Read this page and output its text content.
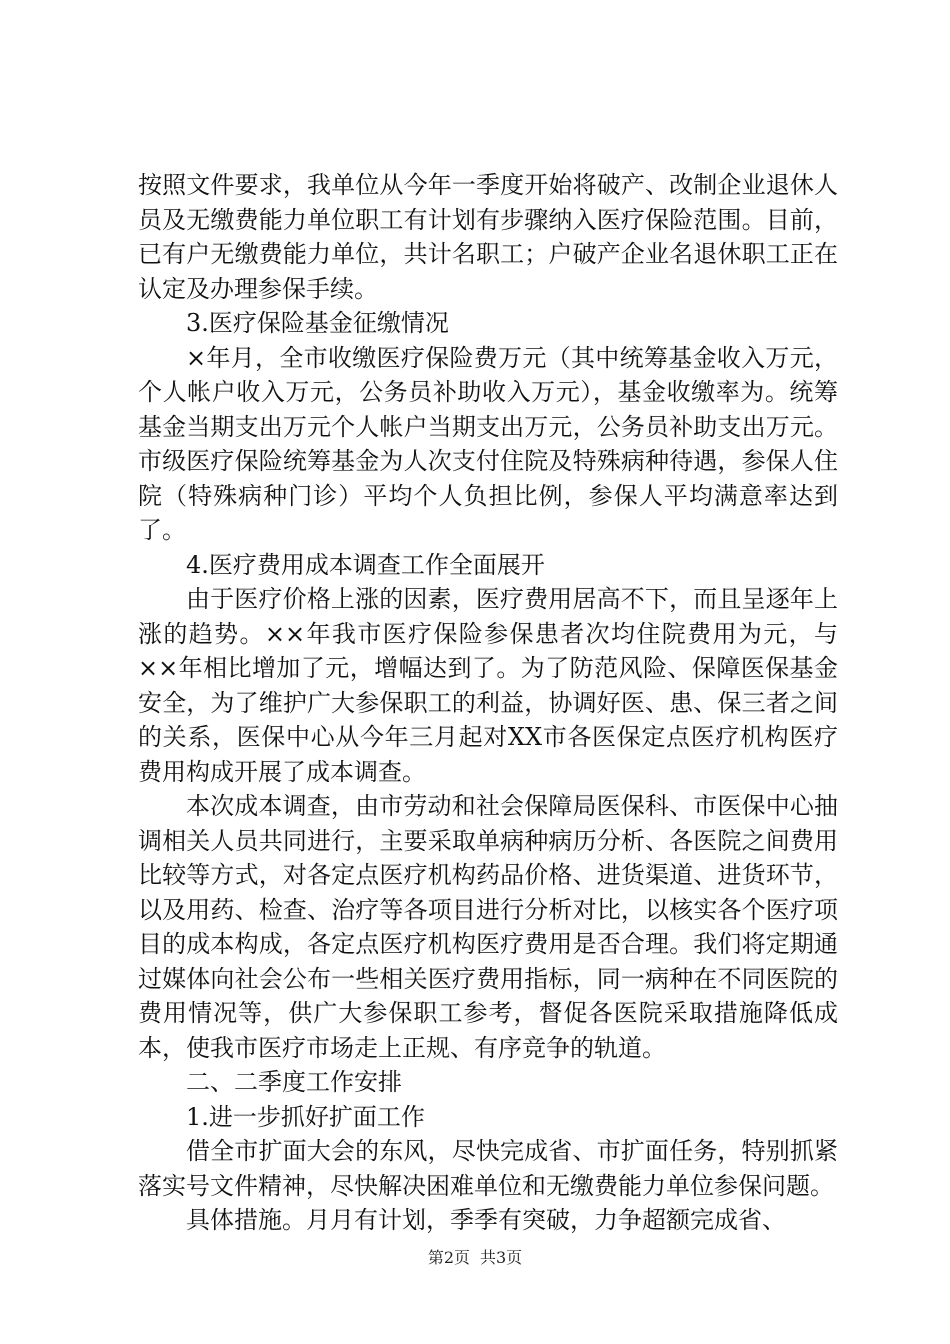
按照文件要求，我单位从今年一季度开始将破产、改制企业退休人员及无缴费能力单位职工有计划有步骤纳入医疗保险范围。目前，已有户无缴费能力单位，共计名职工；户破产企业名退休职工正在认定及办理参保手续。

3.医疗保险基金征缴情况

×年月，全市收缴医疗保险费万元（其中统筹基金收入万元，个人帐户收入万元，公务员补助收入万元），基金收缴率为。统筹基金当期支出万元个人帐户当期支出万元，公务员补助支出万元。市级医疗保险统筹基金为人次支付住院及特殊病种待遇，参保人住院（特殊病种门诊）平均个人负担比例，参保人平均满意率达到了。

4.医疗费用成本调查工作全面展开

由于医疗价格上涨的因素，医疗费用居高不下，而且呈逐年上涨的趋势。××年我市医疗保险参保患者次均住院费用为元，与××年相比增加了元，增幅达到了。为了防范风险、保障医保基金安全，为了维护广大参保职工的利益，协调好医、患、保三者之间的关系，医保中心从今年三月起对XX市各医保定点医疗机构医疗费用构成开展了成本调查。

本次成本调查，由市劳动和社会保障局医保科、市医保中心抽调相关人员共同进行，主要采取单病种病历分析、各医院之间费用比较等方式，对各定点医疗机构药品价格、进货渠道、进货环节，以及用药、检查、治疗等各项目进行分析对比，以核实各个医疗项目的成本构成，各定点医疗机构医疗费用是否合理。我们将定期通过媒体向社会公布一些相关医疗费用指标，同一病种在不同医院的费用情况等，供广大参保职工参考，督促各医院采取措施降低成本，使我市医疗市场走上正规、有序竞争的轨道。

二、二季度工作安排

1.进一步抓好扩面工作

借全市扩面大会的东风，尽快完成省、市扩面任务，特别抓紧落实号文件精神，尽快解决困难单位和无缴费能力单位参保问题。

具体措施。月月有计划，季季有突破，力争超额完成省、

第2页 共3页
